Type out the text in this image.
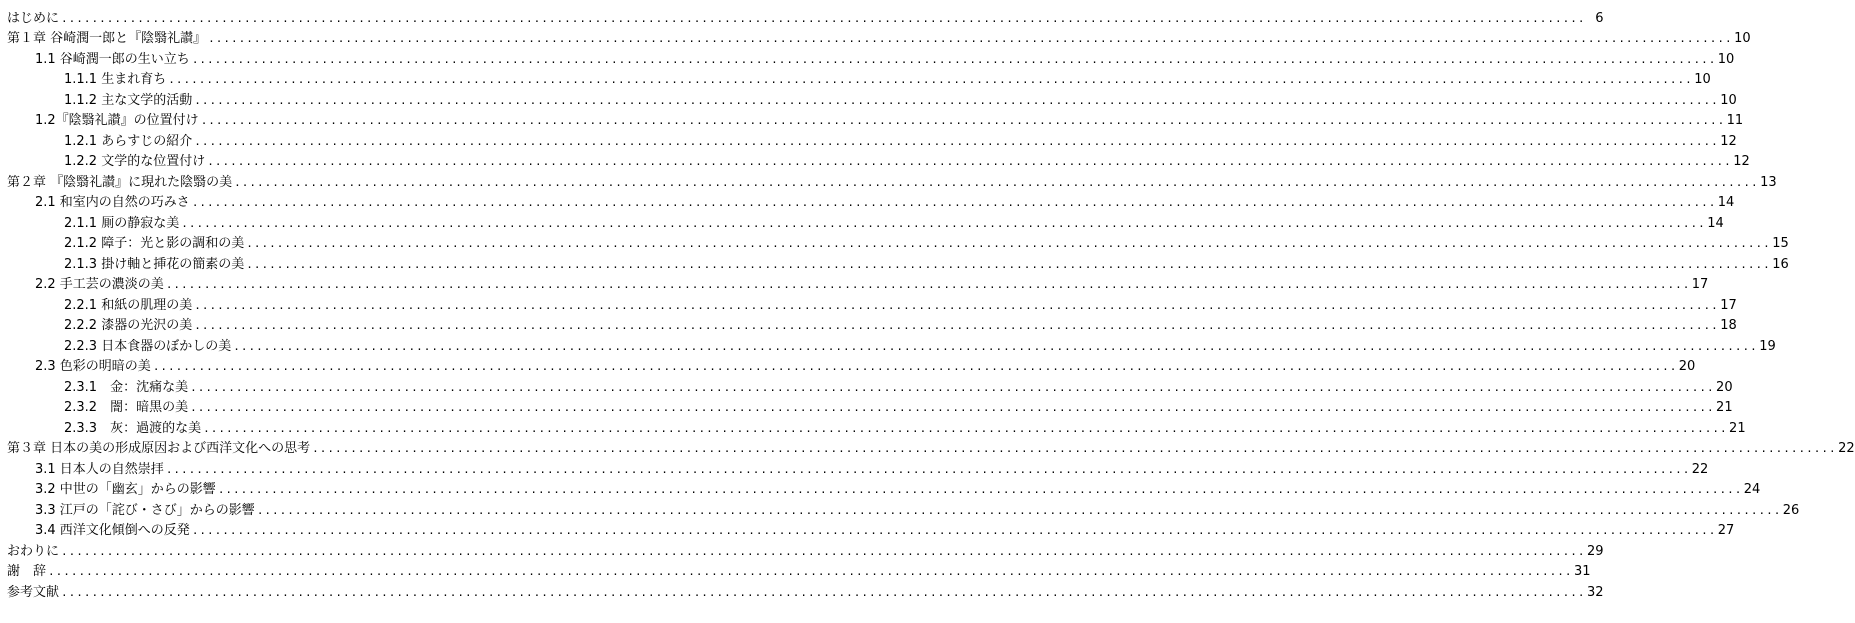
はじめに ........................................................................................................................................................................................................ 6
第１章 谷崎潤一郎と『陰翳礼讃』 ........................................................................................................................................................................................................ 10
1.1 谷崎潤一郎の生い立ち ........................................................................................................................................................................................................ 10
1.1.1 生まれ育ち ........................................................................................................................................................................................................ 10
1.1.2 主な文学的活動 ........................................................................................................................................................................................................ 10
1.2『陰翳礼讃』の位置付け ........................................................................................................................................................................................................ 11
1.2.1 あらすじの紹介 ........................................................................................................................................................................................................ 12
1.2.2 文学的な位置付け ........................................................................................................................................................................................................ 12
第２章 『陰翳礼讃』に現れた陰翳の美 ........................................................................................................................................................................................................ 13
2.1 和室内の自然の巧みさ ........................................................................................................................................................................................................ 14
2.1.1 厠の静寂な美 ........................................................................................................................................................................................................ 14
2.1.2 障子：光と影の調和の美 ........................................................................................................................................................................................................ 15
2.1.3 掛け軸と挿花の簡素の美 ........................................................................................................................................................................................................ 16
2.2 手工芸の濃淡の美 ........................................................................................................................................................................................................ 17
2.2.1 和紙の肌理の美 ........................................................................................................................................................................................................ 17
2.2.2 漆器の光沢の美 ........................................................................................................................................................................................................ 18
2.2.3 日本食器のぼかしの美 ........................................................................................................................................................................................................ 19
2.3 色彩の明暗の美 ........................................................................................................................................................................................................ 20
2.3.1　金：沈痛な美 ........................................................................................................................................................................................................ 20
2.3.2　闇：暗黒の美 ........................................................................................................................................................................................................ 21
2.3.3　灰：過渡的な美 ........................................................................................................................................................................................................ 21
第３章 日本の美の形成原因および西洋文化への思考 ........................................................................................................................................................................................................ 22
3.1 日本人の自然崇拝 ........................................................................................................................................................................................................ 22
3.2 中世の「幽玄」からの影響 ........................................................................................................................................................................................................ 24
3.3 江戸の「詫び・さび」からの影響 ........................................................................................................................................................................................................ 26
3.4 西洋文化傾倒への反発 ........................................................................................................................................................................................................ 27
おわりに ........................................................................................................................................................................................................ 29
謝　辞 ........................................................................................................................................................................................................ 31
参考文献 ........................................................................................................................................................................................................ 32
